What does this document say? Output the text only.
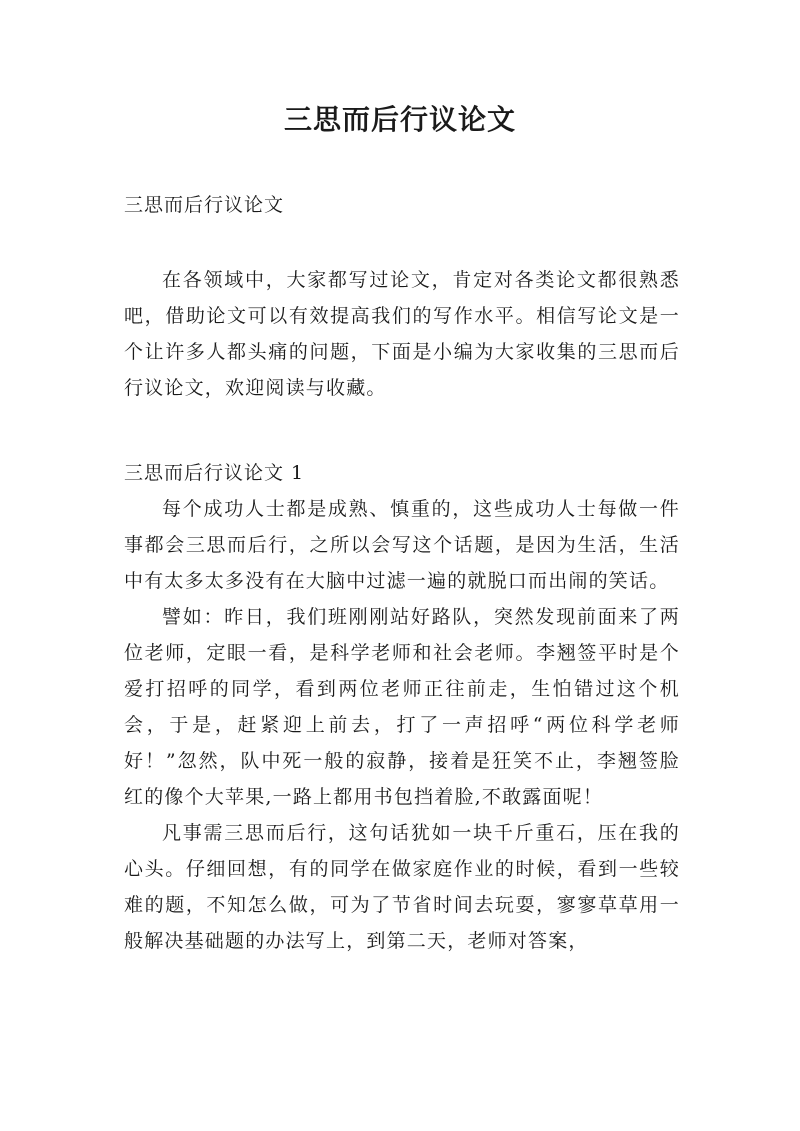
三思而后行议论文

三思而后行议论文

在各领域中，大家都写过论文，肯定对各类论文都很熟悉吧，借助论文可以有效提高我们的写作水平。相信写论文是一个让许多人都头痛的问题，下面是小编为大家收集的三思而后行议论文，欢迎阅读与收藏。

三思而后行议论文 1

每个成功人士都是成熟、慎重的，这些成功人士每做一件事都会三思而后行，之所以会写这个话题，是因为生活，生活中有太多太多没有在大脑中过滤一遍的就脱口而出闹的笑话。

譬如：昨日，我们班刚刚站好路队，突然发现前面来了两位老师，定眼一看，是科学老师和社会老师。李翘签平时是个爱打招呼的同学，看到两位老师正往前走，生怕错过这个机会，于是，赶紧迎上前去，打了一声招呼“两位科学老师好！”忽然，队中死一般的寂静，接着是狂笑不止，李翘签脸红的像个大苹果,一路上都用书包挡着脸,不敢露面呢！

凡事需三思而后行，这句话犹如一块千斤重石，压在我的心头。仔细回想，有的同学在做家庭作业的时候，看到一些较难的题，不知怎么做，可为了节省时间去玩耍，寥寥草草用一般解决基础题的办法写上，到第二天，老师对答案，
